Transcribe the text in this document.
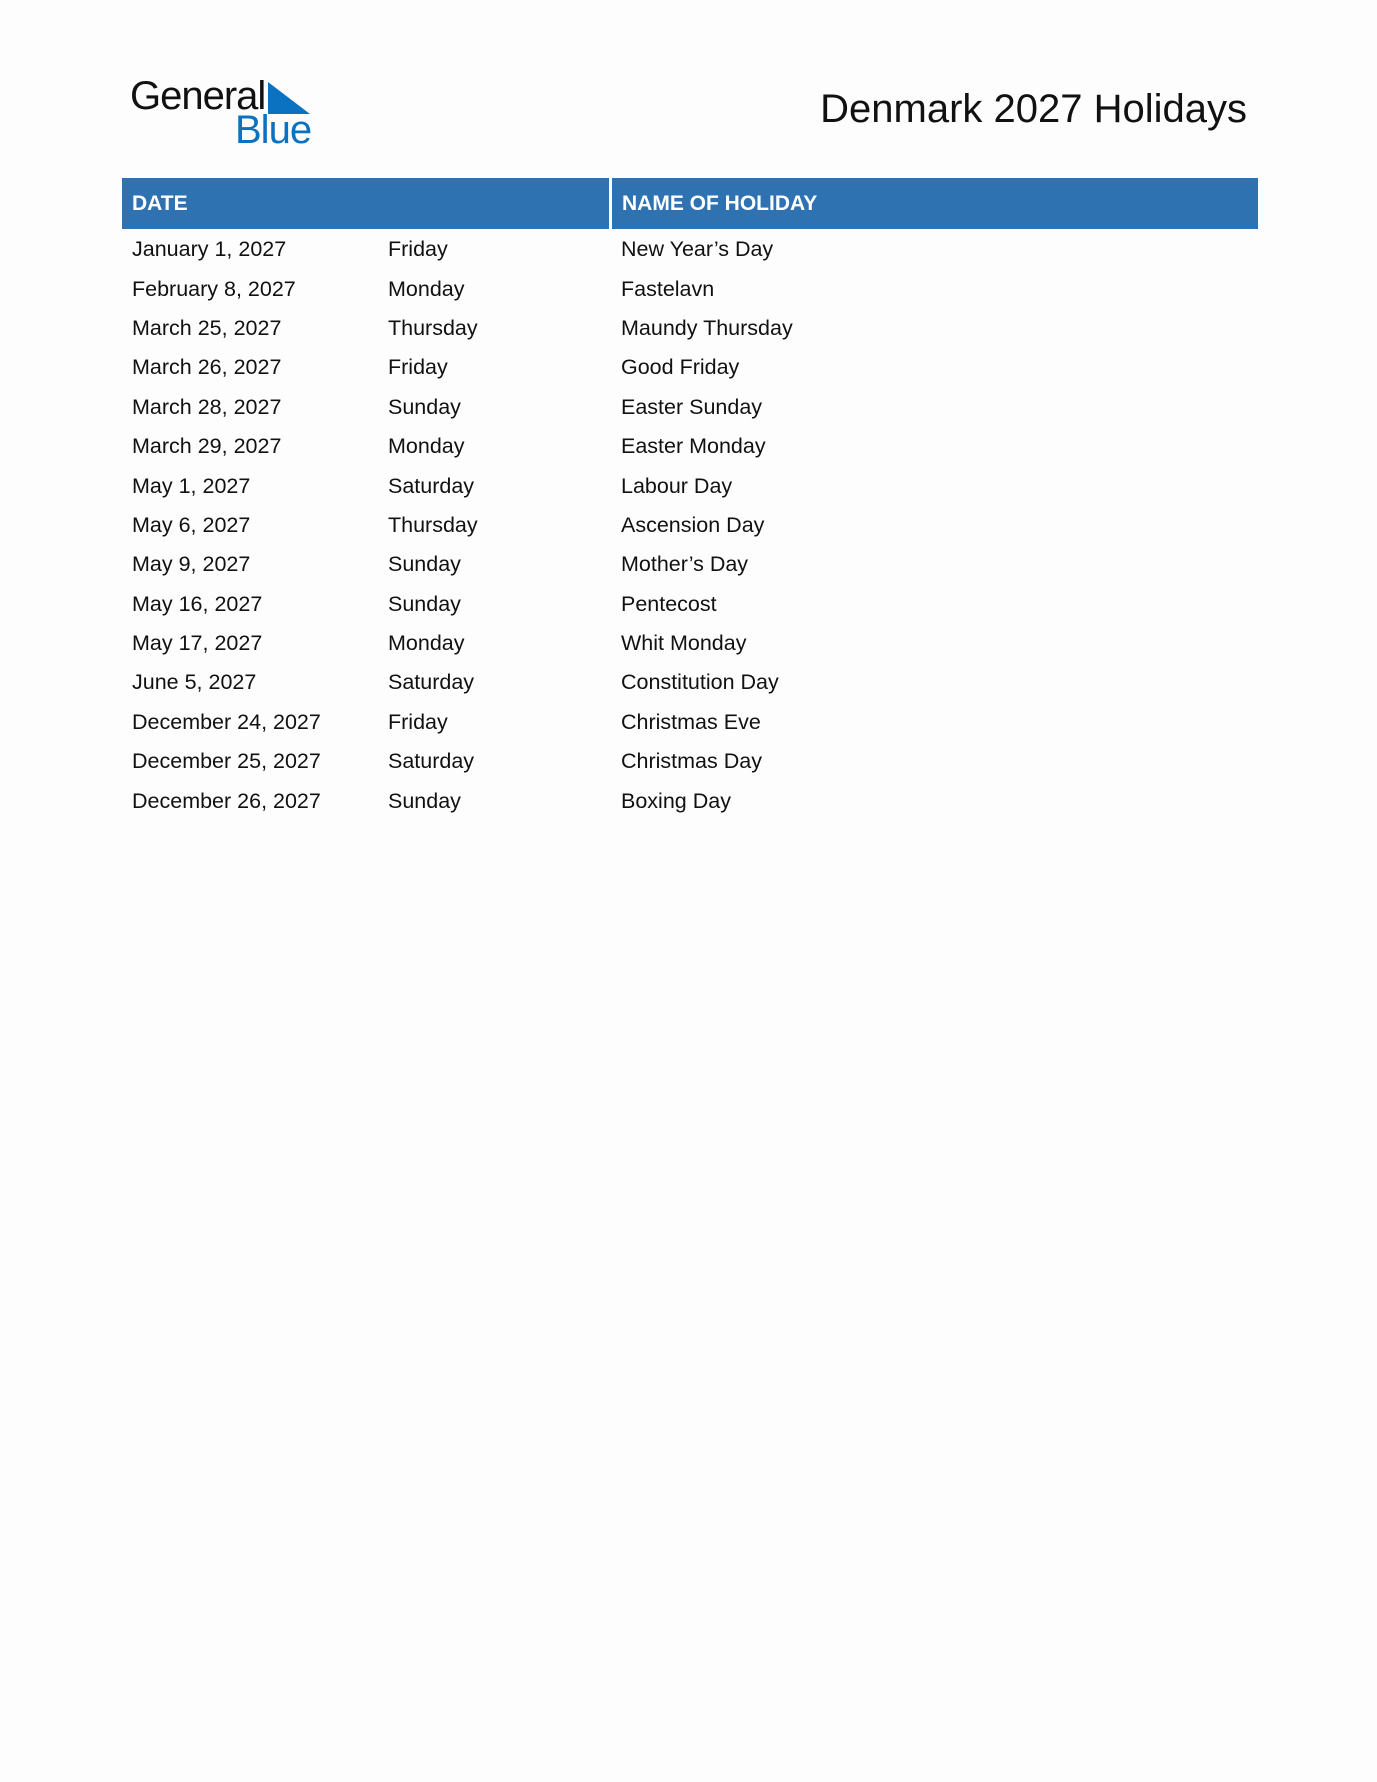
General
Blue	Denmark 2027 Holidays
DATE	NAME OF HOLIDAY
January 1, 2027	Friday	New Year’s Day
February 8, 2027	Monday	Fastelavn
March 25, 2027	Thursday	Maundy Thursday
March 26, 2027	Friday	Good Friday
March 28, 2027	Sunday	Easter Sunday
March 29, 2027	Monday	Easter Monday
May 1, 2027	Saturday	Labour Day
May 6, 2027	Thursday	Ascension Day
May 9, 2027	Sunday	Mother’s Day
May 16, 2027	Sunday	Pentecost
May 17, 2027	Monday	Whit Monday
June 5, 2027	Saturday	Constitution Day
December 24, 2027	Friday	Christmas Eve
December 25, 2027	Saturday	Christmas Day
December 26, 2027	Sunday	Boxing Day
